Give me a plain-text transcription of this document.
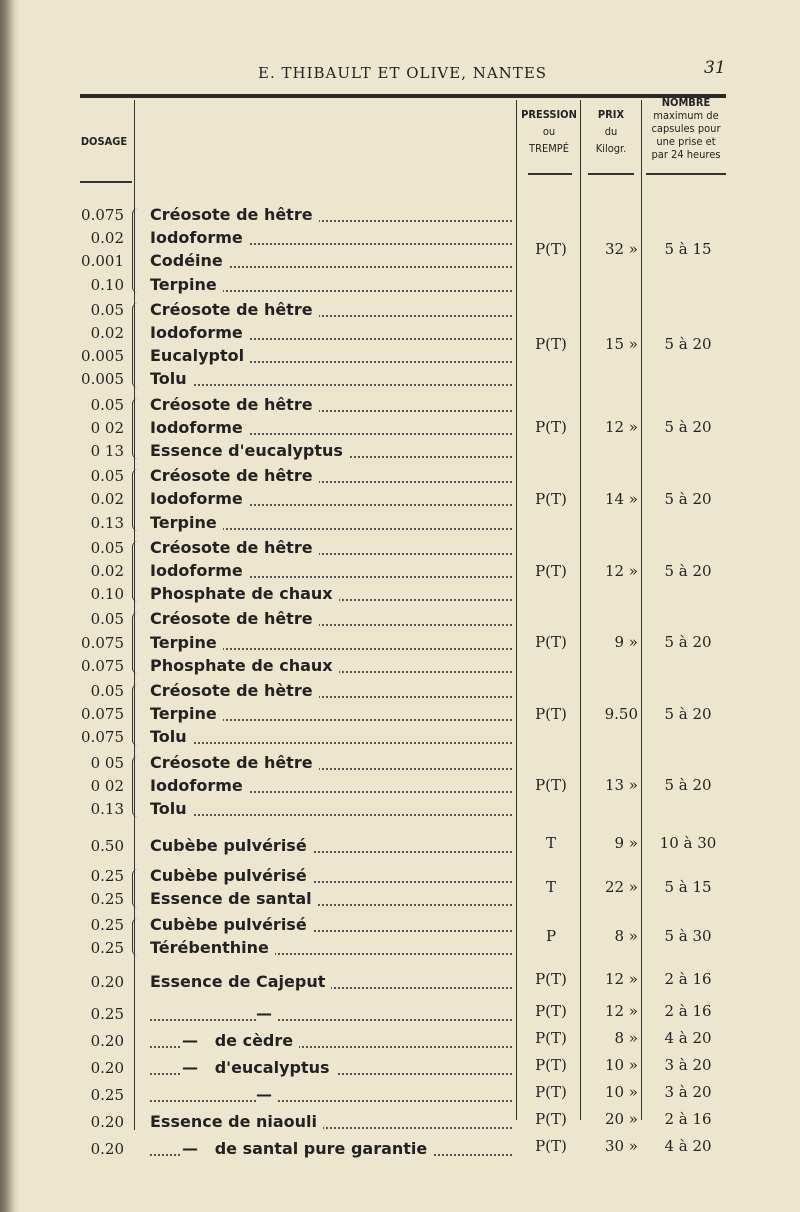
E. THIBAULT ET OLIVE, NANTES	31
DOSAGE
PRESSION
ou
TREMPÉ
PRIX
du
Kilogr.
NOMBRE
maximum de
capsules pour
une prise et
par 24 heures
0.075 Créosote de hêtre
0.02 Iodoforme
0.001 Codéine
0.10 Terpine
P(T)	32 »	5 à 15
0.05 Créosote de hêtre
0.02 Iodoforme
0.005 Eucalyptol
0.005 Tolu
P(T)	15 »	5 à 20
0.05 Créosote de hêtre
0 02 Iodoforme
0 13 Essence d'eucalyptus
P(T)	12 »	5 à 20
0.05 Créosote de hêtre
0.02 Iodoforme
0.13 Terpine
P(T)	14 »	5 à 20
0.05 Créosote de hêtre
0.02 Iodoforme
0.10 Phosphate de chaux
P(T)	12 »	5 à 20
0.05 Créosote de hêtre
0.075 Terpine
0.075 Phosphate de chaux
P(T)	9 »	5 à 20
0.05 Créosote de hètre
0.075 Terpine
0.075 Tolu
P(T)	9.50	5 à 20
0 05 Créosote de hêtre
0 02 Iodoforme
0.13 Tolu
P(T)	13 »	5 à 20
0.50 Cubèbe pulvérisé	T	9 »	10 à 30
0.25 Cubèbe pulvérisé
0.25 Essence de santal
T	22 »	5 à 15
0.25 Cubèbe pulvérisé
0.25 Térébenthine
P	8 »	5 à 30
0.20 Essence de Cajeput	P(T)	12 »	2 à 16
0.25	—	P(T)	12 »	2 à 16
0.20	—   de cèdre	P(T)	8 »	4 à 20
0.20	—   d'eucalyptus	P(T)	10 »	3 à 20
0.25	—	P(T)	10 »	3 à 20
0.20 Essence de niaouli	P(T)	20 »	2 à 16
0.20	—   de santal pure garantie	P(T)	30 »	4 à 20
